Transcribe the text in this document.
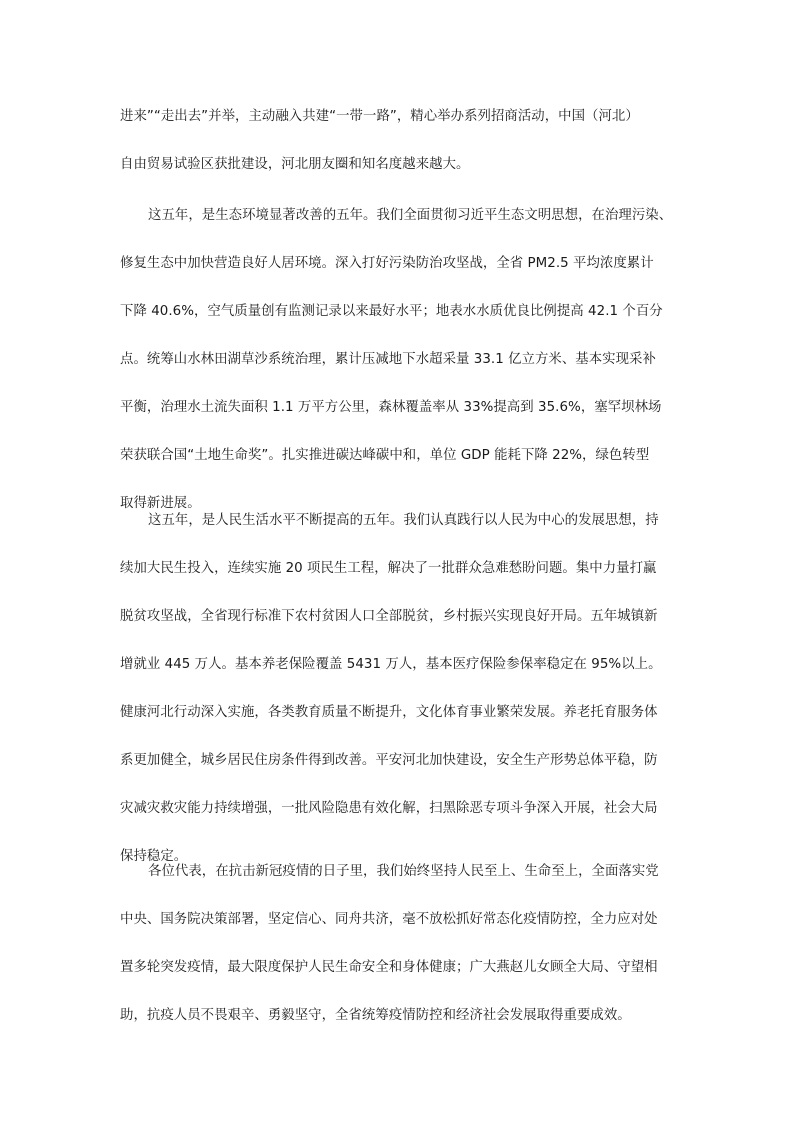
进来”“走出去”并举，主动融入共建“一带一路”，精心举办系列招商活动，中国（河北）
自由贸易试验区获批建设，河北朋友圈和知名度越来越大。
这五年，是生态环境显著改善的五年。我们全面贯彻习近平生态文明思想，在治理污染、
修复生态中加快营造良好人居环境。深入打好污染防治攻坚战，全省 PM2.5 平均浓度累计
下降 40.6%，空气质量创有监测记录以来最好水平；地表水水质优良比例提高 42.1 个百分
点。统筹山水林田湖草沙系统治理，累计压减地下水超采量 33.1 亿立方米、基本实现采补
平衡，治理水土流失面积 1.1 万平方公里，森林覆盖率从 33%提高到 35.6%，塞罕坝林场
荣获联合国“土地生命奖”。扎实推进碳达峰碳中和，单位 GDP 能耗下降 22%，绿色转型
取得新进展。
这五年，是人民生活水平不断提高的五年。我们认真践行以人民为中心的发展思想，持
续加大民生投入，连续实施 20 项民生工程，解决了一批群众急难愁盼问题。集中力量打赢
脱贫攻坚战，全省现行标准下农村贫困人口全部脱贫，乡村振兴实现良好开局。五年城镇新
增就业 445 万人。基本养老保险覆盖 5431 万人，基本医疗保险参保率稳定在 95%以上。
健康河北行动深入实施，各类教育质量不断提升，文化体育事业繁荣发展。养老托育服务体
系更加健全，城乡居民住房条件得到改善。平安河北加快建设，安全生产形势总体平稳，防
灾减灾救灾能力持续增强，一批风险隐患有效化解，扫黑除恶专项斗争深入开展，社会大局
保持稳定。
各位代表，在抗击新冠疫情的日子里，我们始终坚持人民至上、生命至上，全面落实党
中央、国务院决策部署，坚定信心、同舟共济，毫不放松抓好常态化疫情防控，全力应对处
置多轮突发疫情，最大限度保护人民生命安全和身体健康；广大燕赵儿女顾全大局、守望相
助，抗疫人员不畏艰辛、勇毅坚守，全省统筹疫情防控和经济社会发展取得重要成效。
